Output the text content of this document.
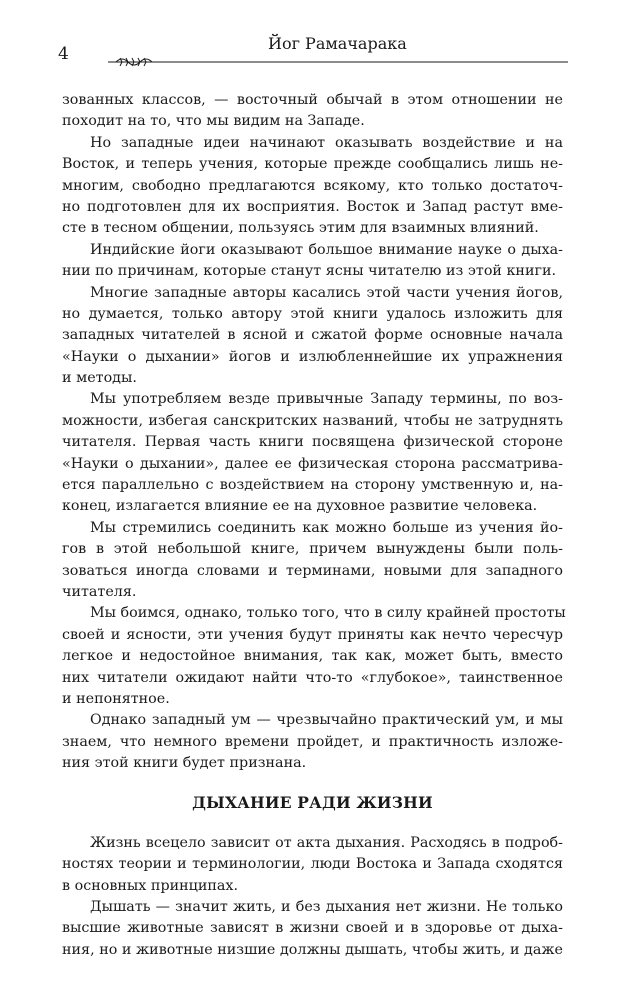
4
Йог Рамачарака
зованных классов, — восточный обычай в этом отношении не
походит на то, что мы видим на Западе.
Но западные идеи начинают оказывать воздействие и на
Восток, и теперь учения, которые прежде сообщались лишь не-
многим, свободно предлагаются всякому, кто только достаточ-
но подготовлен для их восприятия. Восток и Запад растут вме-
сте в тесном общении, пользуясь этим для взаимных влияний.
Индийские йоги оказывают большое внимание науке о дыха-
нии по причинам, которые станут ясны читателю из этой книги.
Многие западные авторы касались этой части учения йогов,
но думается, только автору этой книги удалось изложить для
западных читателей в ясной и сжатой форме основные начала
«Науки о дыхании» йогов и излюбленнейшие их упражнения
и методы.
Мы употребляем везде привычные Западу термины, по воз-
можности, избегая санскритских названий, чтобы не затруднять
читателя. Первая часть книги посвящена физической стороне
«Науки о дыхании», далее ее физическая сторона рассматрива-
ется параллельно с воздействием на сторону умственную и, на-
конец, излагается влияние ее на духовное развитие человека.
Мы стремились соединить как можно больше из учения йо-
гов в этой небольшой книге, причем вынуждены были поль-
зоваться иногда словами и терминами, новыми для западного
читателя.
Мы боимся, однако, только того, что в силу крайней простоты
своей и ясности, эти учения будут приняты как нечто чересчур
легкое и недостойное внимания, так как, может быть, вместо
них читатели ожидают найти что-то «глубокое», таинственное
и непонятное.
Однако западный ум — чрезвычайно практический ум, и мы
знаем, что немного времени пройдет, и практичность изложе-
ния этой книги будет признана.
ДЫХАНИЕ РАДИ ЖИЗНИ
Жизнь всецело зависит от акта дыхания. Расходясь в подроб-
ностях теории и терминологии, люди Востока и Запада сходятся
в основных принципах.
Дышать — значит жить, и без дыхания нет жизни. Не только
высшие животные зависят в жизни своей и в здоровье от дыха-
ния, но и животные низшие должны дышать, чтобы жить, и даже
